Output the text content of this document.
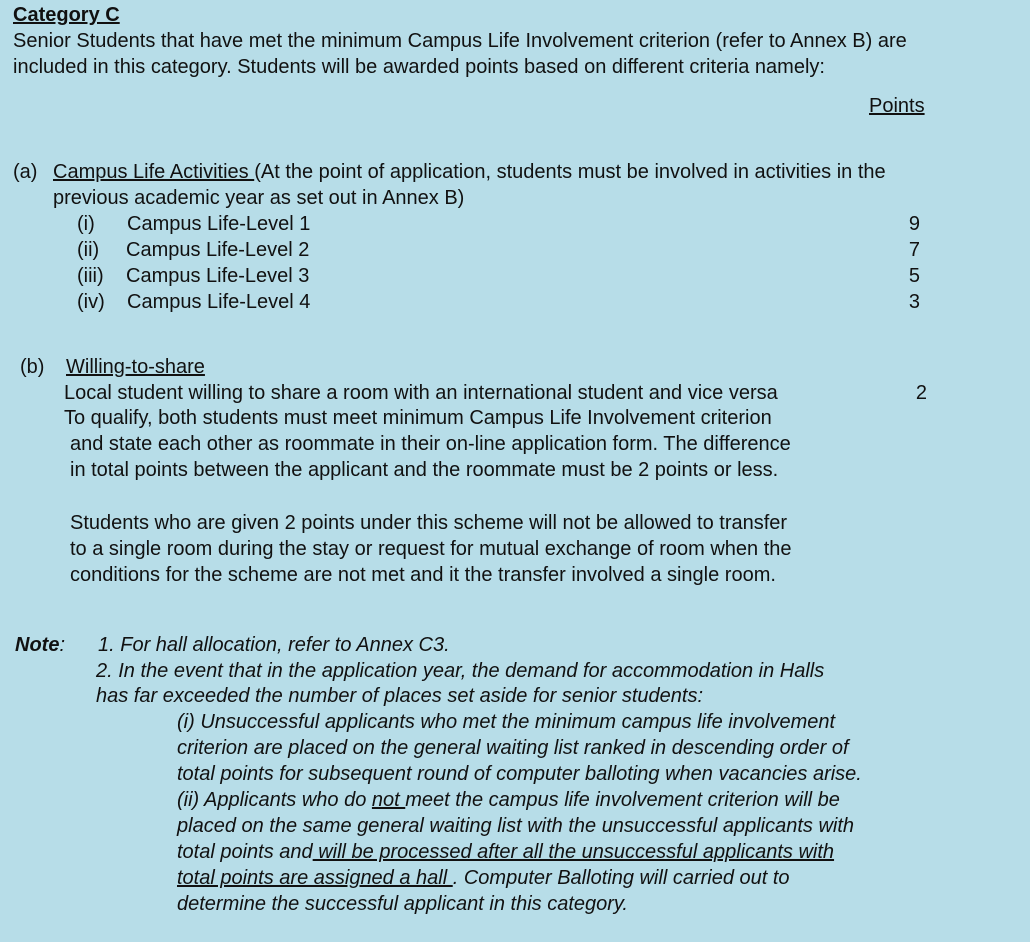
Category C
Senior Students that have met the minimum Campus Life Involvement criterion (refer to Annex B) are
included in this category. Students will be awarded points based on different criteria namely:
Points
(a) Campus Life Activities (At the point of application, students must be involved in activities in the
previous academic year as set out in Annex B)
(i) Campus Life-Level 1	9
(ii) Campus Life-Level 2	7
(iii) Campus Life-Level 3	5
(iv) Campus Life-Level 4	3
(b) Willing-to-share
Local student willing to share a room with an international student and vice versa	2
To qualify, both students must meet minimum Campus Life Involvement criterion
and state each other as roommate in their on-line application form. The difference
in total points between the applicant and the roommate must be 2 points or less.
Students who are given 2 points under this scheme will not be allowed to transfer
to a single room during the stay or request for mutual exchange of room when the
conditions for the scheme are not met and it the transfer involved a single room.
Note: 1. For hall allocation, refer to Annex C3.
2. In the event that in the application year, the demand for accommodation in Halls
has far exceeded the number of places set aside for senior students:
(i) Unsuccessful applicants who met the minimum campus life involvement
criterion are placed on the general waiting list ranked in descending order of
total points for subsequent round of computer balloting when vacancies arise.
(ii) Applicants who do not meet the campus life involvement criterion will be
placed on the same general waiting list with the unsuccessful applicants with
total points and will be processed after all the unsuccessful applicants with
total points are assigned a hall . Computer Balloting will carried out to
determine the successful applicant in this category.
